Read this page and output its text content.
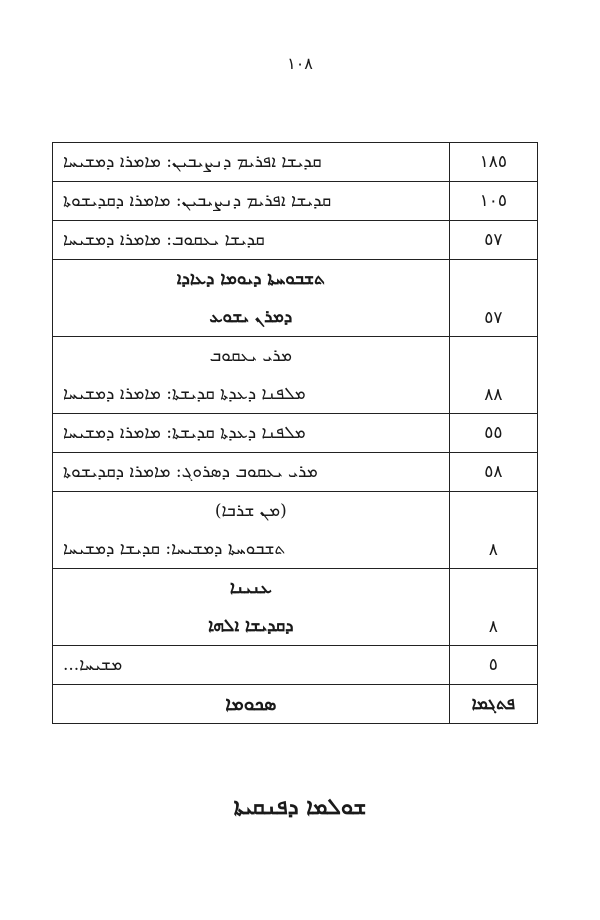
١٠٨
ܩܕܝܫܐ ܐܦܪܝܡ ܕܢܨܝܒܝܢ: ܡܐܡܪܐ ܕܡܫܝܚܐ	١٨٥

ܩܕܝܫܐ ܐܦܪܝܡ ܕܢܨܝܒܝܢ: ܡܐܡܪܐ ܕܩܕܝܫܘܬܐ	١٠٥

ܩܕܝܫܐ ܝܥܩܘܒ: ܡܐܡܪܐ ܕܡܫܝܚܐ	٥٧

ܬܫܒܘܚܬܐ ܕܝܘܡܐ ܕܥܐܕܐ
ܕܡܪܢ ܝܫܘܥ	٥٧

ܡܪܝ ܝܥܩܘܒ
ܡܠܦܢܐ ܕܥܕܬܐ ܩܕܝܫܬܐ: ܡܐܡܪܐ ܕܡܫܝܚܐ	٨٨

ܡܠܦܢܐ ܕܥܕܬܐ ܩܕܝܫܬܐ: ܡܐܡܪܐ ܕܡܫܝܚܐ	٥٥

ܡܪܝ ܝܥܩܘܒ ܕܣܪܘܓ: ܡܐܡܪܐ ܕܩܕܝܫܘܬܐ	٥٨

(ܡܢ ܫܪܒܐ)
ܬܫܒܘܚܬܐ ܕܡܫܝܚܐ: ܩܕܝܫܐ ܕܡܫܝܚܐ	٨

ܥܢܝܢܐ
ܕܩܕܝܫܐ ܐܠܗܐ	٨

ܡܫܝܚܐ...	٥

ܣܟܘܡܐ	ܦܬܓܡܐ
ܫܘܠܡܐ ܕܦܢܩܝܬܐ
